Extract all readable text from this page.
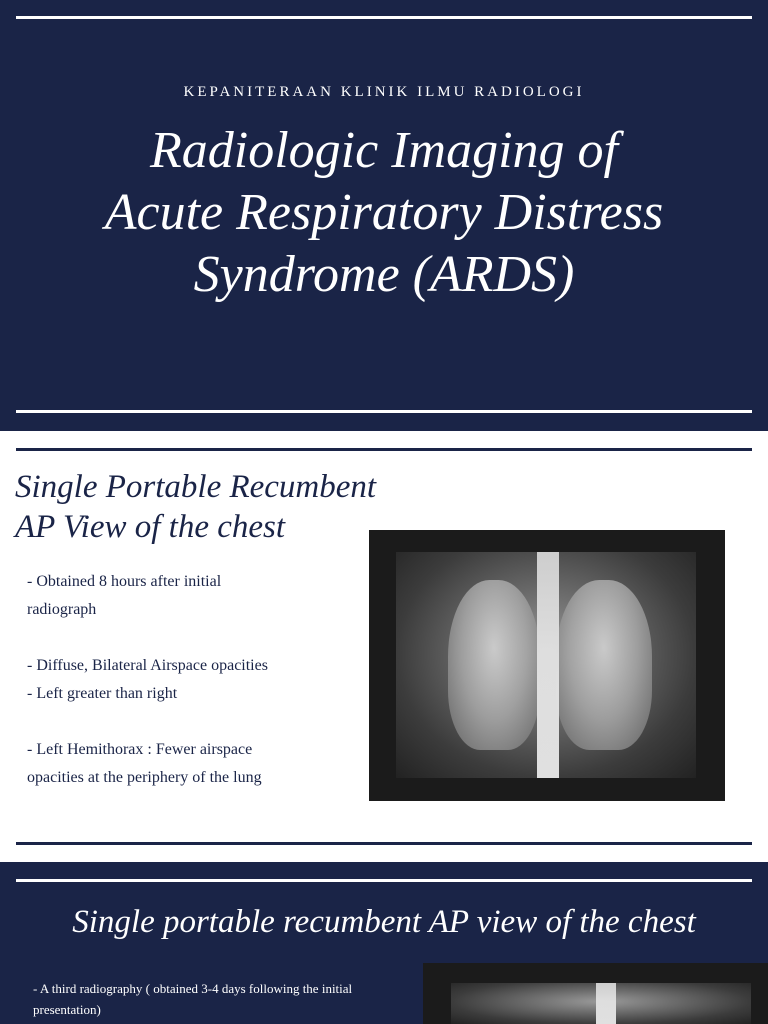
KEPANITERAAN KLINIK ILMU RADIOLOGI
Radiologic Imaging of
Acute Respiratory Distress
Syndrome (ARDS)
Single Portable Recumbent
AP View of the chest
- Obtained 8 hours after initial
radiograph
- Diffuse, Bilateral Airspace opacities
- Left greater than right
- Left Hemithorax : Fewer airspace
opacities at the periphery of the lung
Single portable recumbent AP view of the chest
- A third radiography ( obtained 3-4 days following the initial
presentation)
